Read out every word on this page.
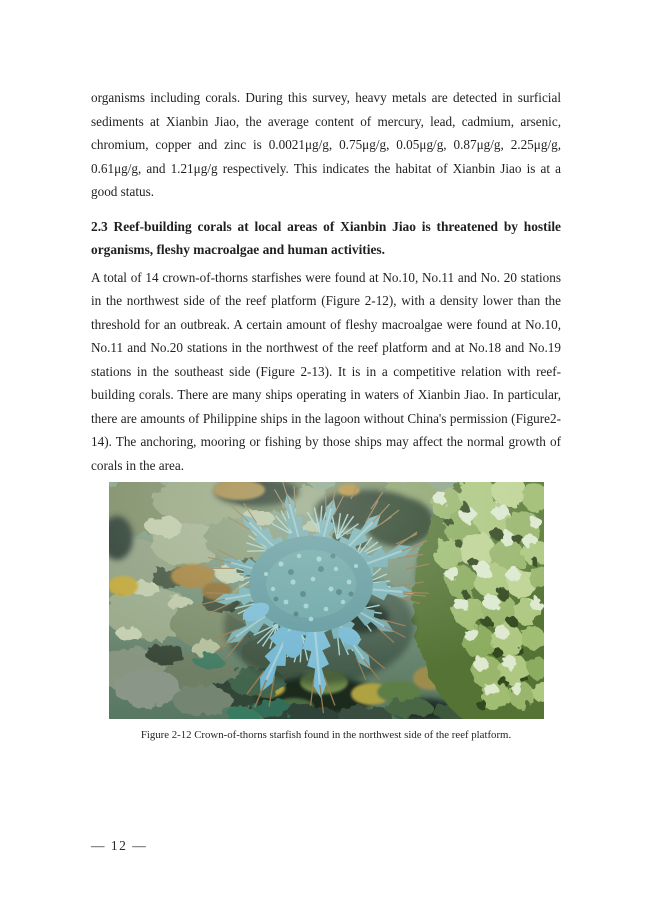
organisms including corals. During this survey, heavy metals are detected in surficial sediments at Xianbin Jiao, the average content of mercury, lead, cadmium, arsenic, chromium, copper and zinc is 0.0021μg/g, 0.75μg/g, 0.05μg/g, 0.87μg/g, 2.25μg/g, 0.61μg/g, and 1.21μg/g respectively. This indicates the habitat of Xianbin Jiao is at a good status.

2.3 Reef-building corals at local areas of Xianbin Jiao is threatened by hostile organisms, fleshy macroalgae and human activities.

A total of 14 crown-of-thorns starfishes were found at No.10, No.11 and No. 20 stations in the northwest side of the reef platform (Figure 2-12), with a density lower than the threshold for an outbreak. A certain amount of fleshy macroalgae were found at No.10, No.11 and No.20 stations in the northwest of the reef platform and at No.18 and No.19 stations in the southeast side (Figure 2-13). It is in a competitive relation with reef-building corals. There are many ships operating in waters of Xianbin Jiao. In particular, there are amounts of Philippine ships in the lagoon without China's permission (Figure2-14). The anchoring, mooring or fishing by those ships may affect the normal growth of corals in the area.

Figure 2-12 Crown-of-thorns starfish found in the northwest side of the reef platform.
— 12 —
